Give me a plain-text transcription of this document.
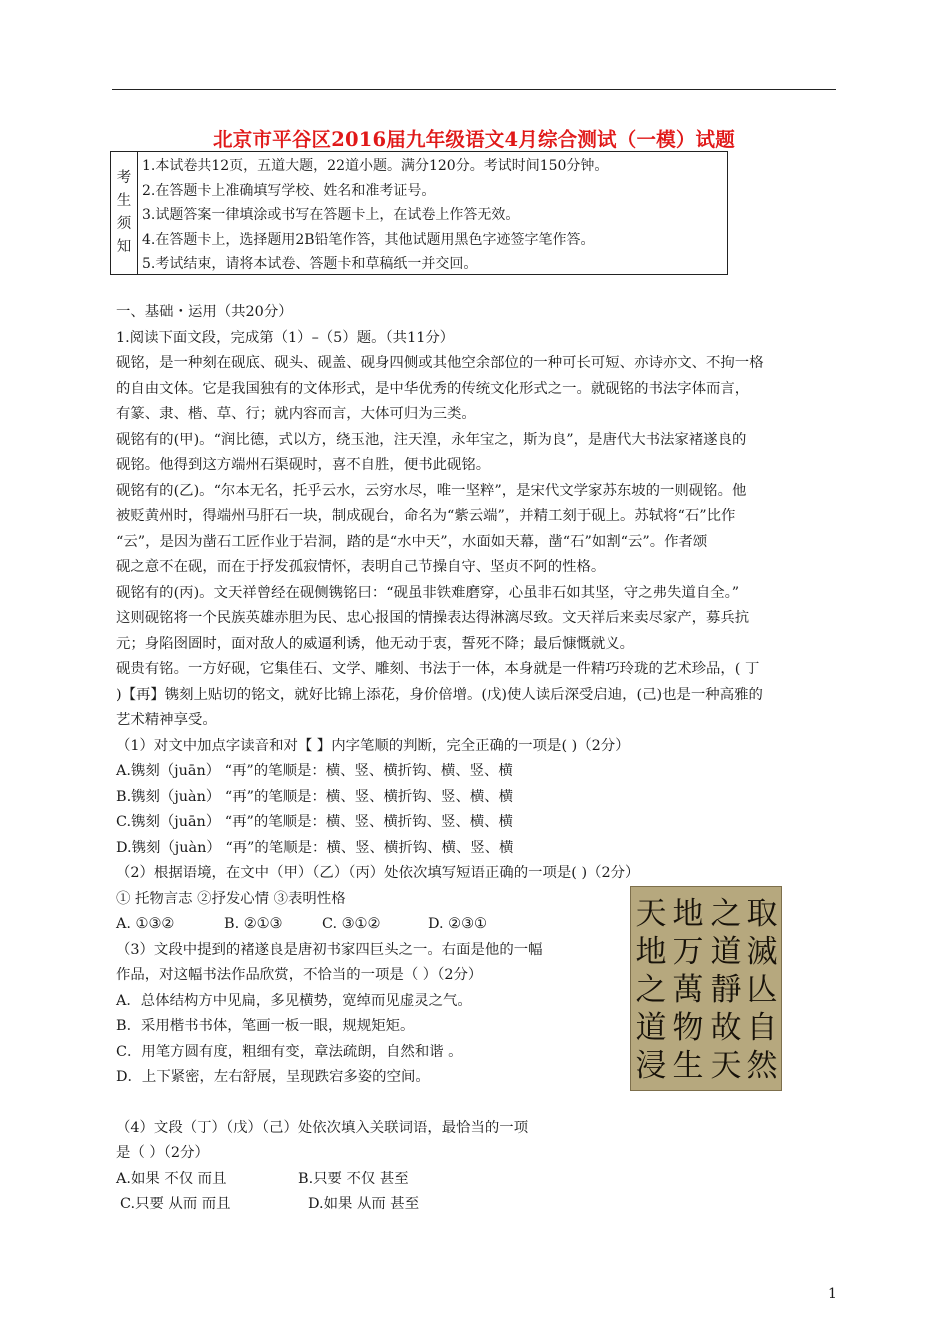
北京市平谷区2016届九年级语文4月综合测试（一模）试题
考
生
须
知
1.本试卷共12页，五道大题，22道小题。满分120分。考试时间150分钟。
2.在答题卡上准确填写学校、姓名和准考证号。
3.试题答案一律填涂或书写在答题卡上，在试卷上作答无效。
4.在答题卡上，选择题用2B铅笔作答，其他试题用黑色字迹签字笔作答。
5.考试结束，请将本试卷、答题卡和草稿纸一并交回。

一、基础・运用（共20分）

1.阅读下面文段，完成第（1）–（5）题。（共11分）

砚铭，是一种刻在砚底、砚头、砚盖、砚身四侧或其他空余部位的一种可长可短、亦诗亦文、不拘一格

的自由文体。它是我国独有的文体形式，是中华优秀的传统文化形式之一。就砚铭的书法字体而言，

有篆、隶、楷、草、行；就内容而言，大体可归为三类。

砚铭有的(甲)。“润比德，式以方，绕玉池，注天湟，永年宝之，斯为良”，是唐代大书法家褚遂良的

砚铭。他得到这方端州石渠砚时，喜不自胜，便书此砚铭。

砚铭有的(乙)。“尔本无名，托乎云水，云穷水尽，唯一坚粹”，是宋代文学家苏东坡的一则砚铭。他

被贬黄州时，得端州马肝石一块，制成砚台，命名为“紫云端”，并精工刻于砚上。苏轼将“石”比作

“云”，是因为凿石工匠作业于岩洞，踏的是“水中天”，水面如天幕，凿“石”如割“云”。作者颂

砚之意不在砚，而在于抒发孤寂情怀，表明自己节操自守、坚贞不阿的性格。

砚铭有的(丙)。文天祥曾经在砚侧镌铭曰：“砚虽非铁难磨穿，心虽非石如其坚，守之弗失道自全。”

这则砚铭将一个民族英雄赤胆为民、忠心报国的情操表达得淋漓尽致。文天祥后来卖尽家产，募兵抗

元；身陷囹圄时，面对敌人的威逼利诱，他无动于衷，誓死不降；最后慷慨就义。

砚贵有铭。一方好砚，它集佳石、文学、雕刻、书法于一体，本身就是一件精巧玲珑的艺术珍品，( 丁

)【再】镌刻上贴切的铭文，就好比锦上添花，身价倍增。(戊)使人读后深受启迪，(己)也是一种高雅的

艺术精神享受。

（1）对文中加点字读音和对【 】内字笔顺的判断，完全正确的一项是( )（2分）

A.镌刻（juān） “再”的笔顺是：横、竖、横折钩、横、竖、横

B.镌刻（juàn） “再”的笔顺是：横、竖、横折钩、竖、横、横

C.镌刻（juān） “再”的笔顺是：横、竖、横折钩、竖、横、横

D.镌刻（juàn） “再”的笔顺是：横、竖、横折钩、横、竖、横

（2）根据语境，在文中（甲）（乙）（丙）处依次填写短语正确的一项是( )（2分）

① 托物言志 ②抒发心情 ③表明性格

A. ①③②	B. ②①③	C. ③①②	D. ②③①

（3）文段中提到的褚遂良是唐初书家四巨头之一。右面是他的一幅

作品，对这幅书法作品欣赏，不恰当的一项是（ ）（2分）

A．总体结构方中见扁，多见横势，宽绰而见虚灵之气。

B．采用楷书书体，笔画一板一眼，规规矩矩。

C．用笔方圆有度，粗细有变，章法疏朗，自然和谐 。

D．上下紧密，左右舒展，呈现跌宕多姿的空间。

（4）文段（丁）（戊）（己）处依次填入关联词语，最恰当的一项

是（ ）（2分）

A.如果 不仅 而且	B.只要 不仅 甚至

C.只要 从而 而且	D.如果 从而 甚至

取滅亾自然
之道靜故天
地万萬物生
天地之道浸
1
